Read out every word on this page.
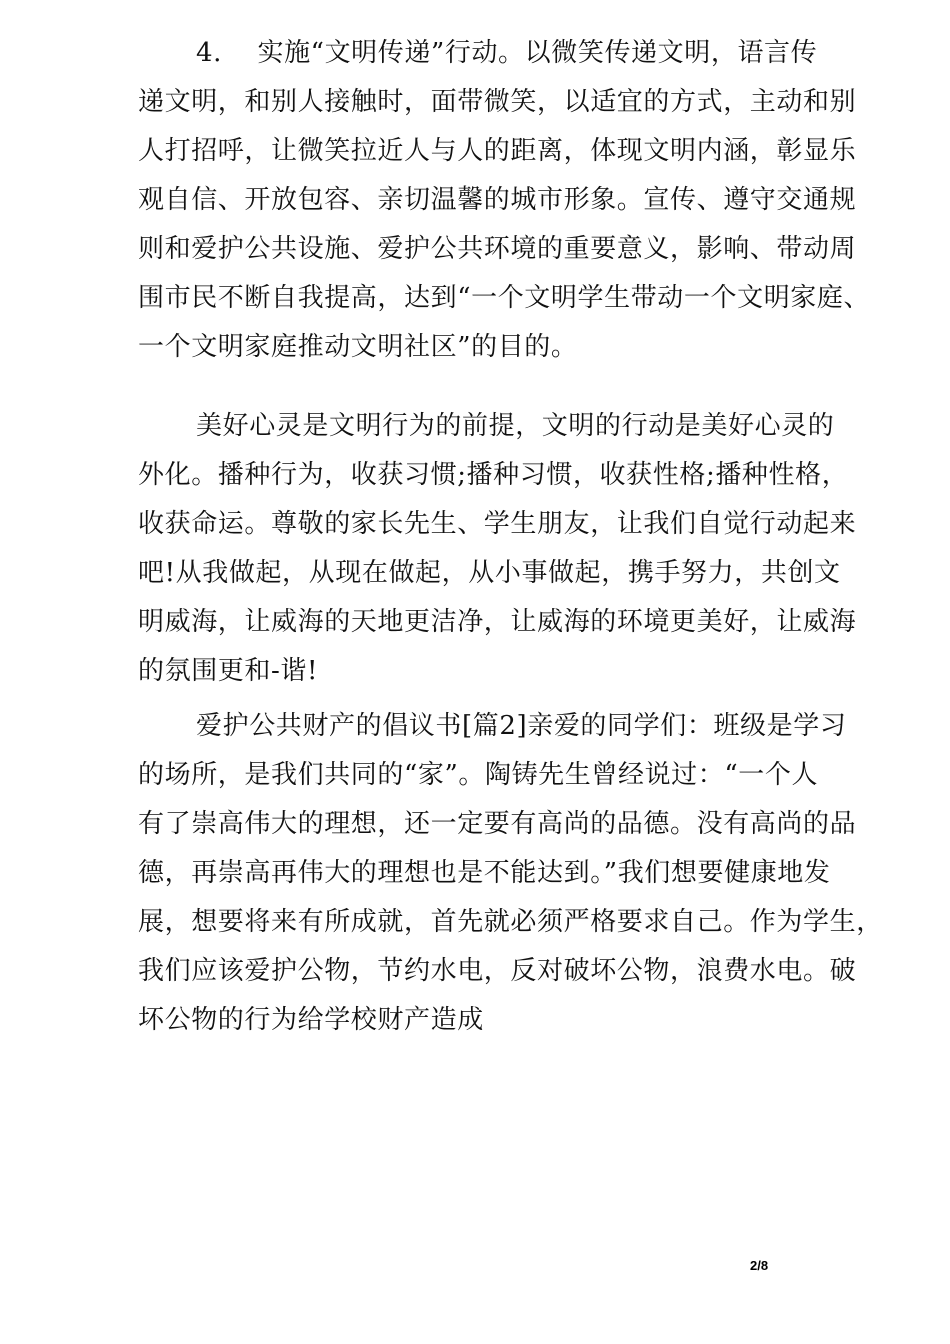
4.　 实施“文明传递”行动。以微笑传递文明，语言传
递文明，和别人接触时，面带微笑，以适宜的方式，主动和别
人打招呼，让微笑拉近人与人的距离，体现文明内涵，彰显乐
观自信、开放包容、亲切温馨的城市形象。宣传、遵守交通规
则和爱护公共设施、爱护公共环境的重要意义，影响、带动周
围市民不断自我提高，达到“一个文明学生带动一个文明家庭、
一个文明家庭推动文明社区”的目的。
美好心灵是文明行为的前提，文明的行动是美好心灵的
外化。播种行为，收获习惯;播种习惯，收获性格;播种性格，
收获命运。尊敬的家长先生、学生朋友，让我们自觉行动起来
吧!从我做起，从现在做起，从小事做起，携手努力，共创文
明威海，让威海的天地更洁净，让威海的环境更美好，让威海
的氛围更和-谐!
爱护公共财产的倡议书[篇2]亲爱的同学们：班级是学习
的场所，是我们共同的“家”。陶铸先生曾经说过：“一个人
有了崇高伟大的理想，还一定要有高尚的品德。没有高尚的品
德，再崇高再伟大的理想也是不能达到。”我们想要健康地发
展，想要将来有所成就，首先就必须严格要求自己。作为学生，
我们应该爱护公物，节约水电，反对破坏公物，浪费水电。破
坏公物的行为给学校财产造成
2/8
